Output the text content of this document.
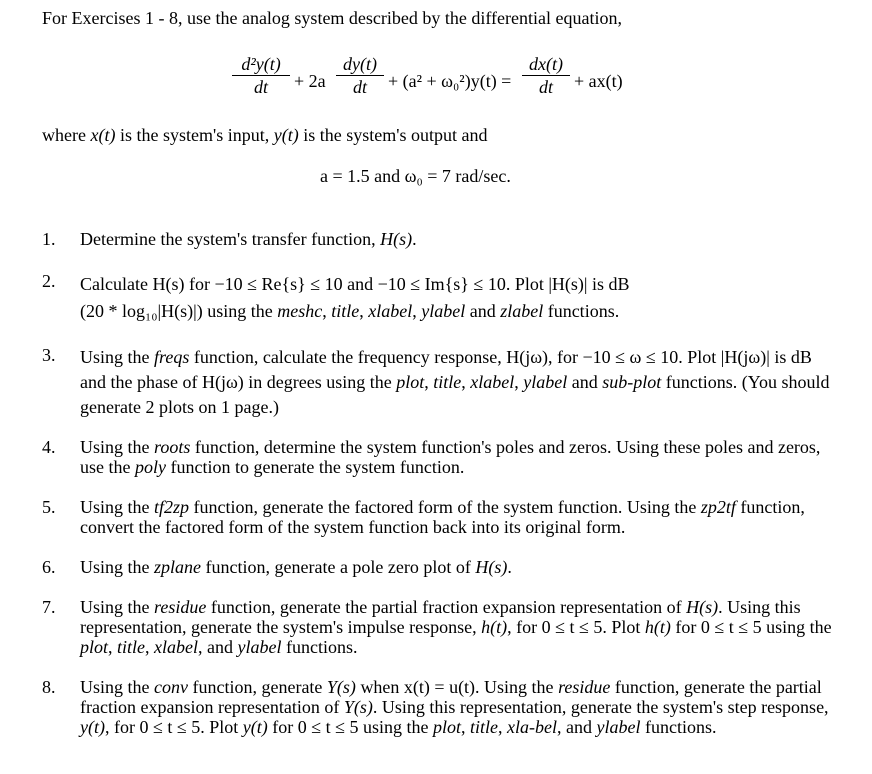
For Exercises 1 - 8, use the analog system described by the differential equation,
d²y(t)
dt	+ 2a
dy(t)
dt	+ (a² + ω₀²)y(t) =
dx(t)
dt	+ ax(t)
where x(t) is the system's input, y(t) is the system's output and
a = 1.5 and ω₀ = 7 rad/sec.
1.	Determine the system's transfer function, H(s).
2.	Calculate H(s) for −10 ≤ Re{s} ≤ 10 and −10 ≤ Im{s} ≤ 10. Plot |H(s)| is dB
(20 * log₁₀|H(s)|) using the meshc, title, xlabel, ylabel and zlabel functions.
3.	Using the freqs function, calculate the frequency response, H(jω), for −10 ≤ ω ≤ 10. Plot |H(jω)| is dB and the phase of H(jω) in degrees using the plot, title, xlabel, ylabel and sub-plot functions. (You should generate 2 plots on 1 page.)
4.	Using the roots function, determine the system function's poles and zeros. Using these poles and zeros, use the poly function to generate the system function.
5.	Using the tf2zp function, generate the factored form of the system function. Using the zp2tf function, convert the factored form of the system function back into its original form.
6.	Using the zplane function, generate a pole zero plot of H(s).
7.	Using the residue function, generate the partial fraction expansion representation of H(s). Using this representation, generate the system's impulse response, h(t), for 0 ≤ t ≤ 5. Plot h(t) for 0 ≤ t ≤ 5 using the plot, title, xlabel, and ylabel functions.
8.	Using the conv function, generate Y(s) when x(t) = u(t). Using the residue function, generate the partial fraction expansion representation of Y(s). Using this representation, generate the system's step response, y(t), for 0 ≤ t ≤ 5. Plot y(t) for 0 ≤ t ≤ 5 using the plot, title, xla-bel, and ylabel functions.
